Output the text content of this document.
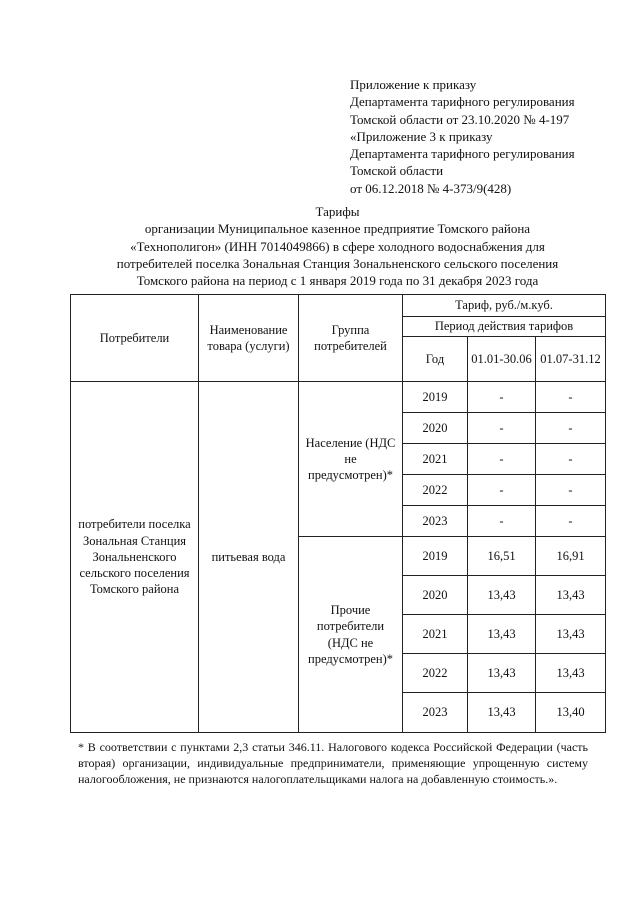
Приложение к приказу
Департамента тарифного регулирования
Томской области от 23.10.2020 № 4-197
«Приложение 3 к приказу
Департамента тарифного регулирования
Томской области
от 06.12.2018 № 4-373/9(428)
Тарифы
организации Муниципальное казенное предприятие Томского района
«Технополигон» (ИНН 7014049866) в сфере холодного водоснабжения для
потребителей поселка Зональная Станция Зональненского сельского поселения
Томского района на период с 1 января 2019 года по 31 декабря 2023 года
Потребители	Наименование товара (услуги)	Группа потребителей	Тариф, руб./м.куб.		
			Период действия тарифов		
			Год	01.01-30.06	01.07-31.12
потребители поселка Зональная Станция Зональненского сельского поселения Томского района	питьевая вода	Население (НДС не предусмотрен)*	2019	-	-
			2020	-	-
			2021	-	-
			2022	-	-
			2023	-	-
		Прочие потребители (НДС не предусмотрен)*	2019	16,51	16,91
			2020	13,43	13,43
			2021	13,43	13,43
			2022	13,43	13,43
			2023	13,43	13,40
* В соответствии с пунктами 2,3 статьи 346.11. Налогового кодекса Российской Федерации (часть вторая) организации, индивидуальные предприниматели, применяющие упрощенную систему налогообложения, не признаются налогоплательщиками налога на добавленную стоимость.».
